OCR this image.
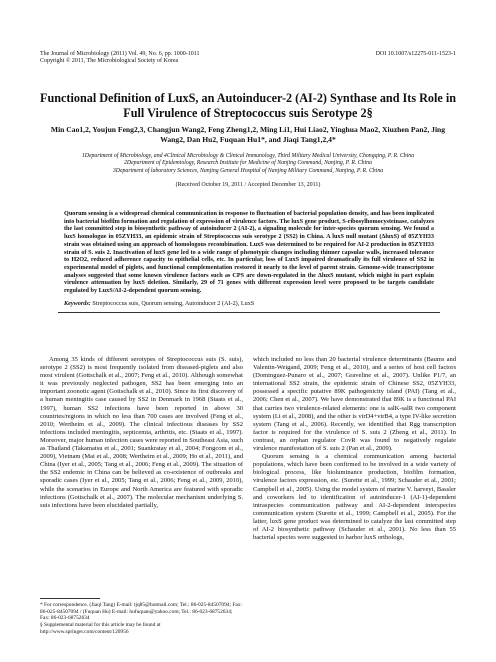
The Journal of Microbiology (2011) Vol. 49, No. 6, pp. 1000-1011
Copyright © 2011, The Microbiological Society of Korea
DOI 10.1007/s12275-011-1523-1
Functional Definition of LuxS, an Autoinducer-2 (AI-2) Synthase and Its Role in Full Virulence of Streptococcus suis Serotype 2§
Min Cao1,2, Youjun Feng2,3, Changjun Wang2, Feng Zheng1,2, Ming Li1, Hui Liao2, Yinghua Mao2, Xiuzhen Pan2, Jing Wang2, Dan Hu2, Fuquan Hu1*, and Jiaqi Tang1,2,4*
1Department of Microbiology, and 4Clinical Microbiology & Clinical Immunology, Third Military Medical University, Chongqing, P. R. China
2Department of Epidemiology, Research Institute for Medicine of Nanjing Command, Nanjing, P. R. China
3Department of laboratory Sciences, Nanjing General Hospital of Nanjing Military Command, Nanjing, P. R. China
(Received October 19, 2011 / Accepted December 13, 2011)

Quorum sensing is a widespread chemical communication in response to fluctuation of bacterial population density, and has been implicated into bacterial biofilm formation and regulation of expression of virulence factors. The luxS gene product, S-ribosylhomocysteinase, catalyzes the last committed step in biosynthetic pathway of autoinducer 2 (AI-2), a signaling molecule for inter-species quorum sensing. We found a luxS homologue in 05ZYH33, an epidemic strain of Streptococcus suis serotype 2 (SS2) in China. A luxS null mutant (ΔluxS) of 05ZYH33 strain was obtained using an approach of homologous recombination. LuxS was determined to be required for AI-2 production in 05ZYH33 strain of S. suis 2. Inactivation of luxS gene led to a wide range of phenotypic changes including thinner capsular walls, increased tolerance to H2O2, reduced adherence capacity to epithelial cells, etc. In particular, loss of LuxS impaired dramatically its full virulence of SS2 in experimental model of piglets, and functional complementation restored it nearly to the level of parent strain. Genome-wide transcriptome analyses suggested that some known virulence factors such as CPS are down-regulated in the ΔluxS mutant, which might in part explain virulence attenuation by luxS deletion. Similarly, 29 of 71 genes with different expression level were proposed to be targets candidate regulated by LuxS/AI-2-dependent quorum sensing.

Keywords: Streptococcus suis, Quorum sensing, Autoinducer 2 (AI-2), LuxS

Among 35 kinds of different serotypes of Streptococcus suis (S. suis), serotype 2 (SS2) is most frequently isolated from diseased-piglets and also most virulent (Gottschalk et al., 2007; Feng et al., 2010). Although somewhat it was previously neglected pathogen, SS2 has been emerging into an important zoonotic agent (Gottschalk et al., 2010). Since its first discovery of a human meningitis case caused by SS2 in Denmark in 1968 (Staats et al., 1997), human SS2 infections have been reported in above 30 countries/regions in which no less than 700 cases are involved (Feng et al., 2010; Wertheim et al., 2009). The clinical infectious diseases by SS2 infections included meningitis, septicemia, arthritis, etc. (Staats et al., 1997). Moreover, major human infection cases were reported in Southeast Asia, such as Thailand (Takamatsu et al., 2001; Suankratay et al., 2004; Fongcom et al., 2009), Vietnam (Mai et al., 2008; Wertheim et al., 2009; Ho et al., 2011), and China (Iyer et al., 2005; Tang et al., 2006; Feng et al., 2009). The situation of the SS2 endemic in China can be believed as co-existence of outbreaks and sporadic cases (Iyer et al., 2005; Tang et al., 2006; Feng et al., 2009, 2010), while the scenarios in Europe and North America are featured with sporadic infections (Gottschalk et al., 2007). The molecular mechanism underlying S. suis infections have been elucidated partially,

which included no less than 20 bacterial virulence determinants (Baums and Valentin-Weigand, 2009; Feng et al., 2010), and a series of host cell factors (Dominguez-Punaro et al., 2007; Graveline et al., 2007). Unlike P1/7, an international SS2 strain, the epidemic strain of Chinese SS2, 05ZYH33, possessed a specific putative 89K pathogenicity island (PAI) (Tang et al., 2006; Chen et al., 2007). We have demonstrated that 89K is a functional PAI that carries two virulence-related elements: one is salK-salR two component system (Li et al., 2008), and the other is virD4+virB4, a type IV-like secretion system (Tang et al., 2006). Recently, we identified that Rgg transcription factor is required for the virulence of S. suis 2 (Zheng et al., 2011). In contrast, an orphan regulator CovR was found to negatively regulate virulence manifestation of S. suis 2 (Pan et al., 2009).

Quorum sensing is a chemical communication among bacterial populations, which have been confirmed to be involved in a wide variety of biological process, like bioluminance production, biofilm formation, virulence factors expression, etc. (Surette et al., 1999; Schauder et al., 2001; Campbell et al., 2005). Using the model system of marine V. harveyi, Bassler and coworkers led to identification of autoinducer-1 (AI-1)-dependent intraspecies communication pathway and AI-2-dependent interspecies communication system (Surette et al., 1999; Campbell et al., 2005). For the latter, luxS gene product was determined to catalyze the last committed step of AI-2 biosynthetic pathway (Schauder et al., 2001). No less than 55 bacterial species were suggested to harbor luxS orthologs,

* For correspondence. (Jiaqi Tang) E-mail: tjq85@hotmail.com; Tel.: 86-025-84507094; Fax: 86-025-84507094 / (Fuquan Hu) E-mail: hufuquan@yahoo.com; Tel.: 86-023-68752634; Fax: 86-023-68752634

§ Supplemental material for this article may be found at http://www.springer.com/content/120956
